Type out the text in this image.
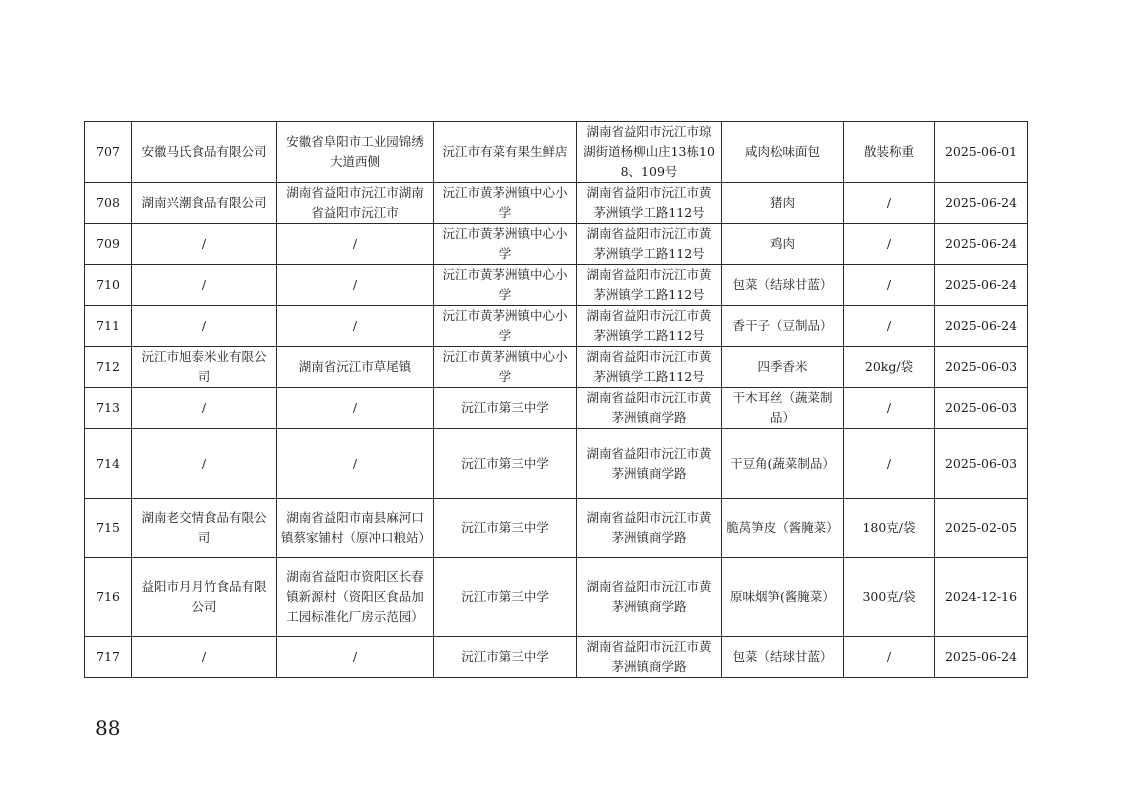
707	安徽马氏食品有限公司	安徽省阜阳市工业园锦绣大道西侧	沅江市有菜有果生鲜店	湖南省益阳市沅江市琼湖街道杨柳山庄13栋108、109号	咸肉松味面包	散装称重	2025-06-01
708	湖南兴潮食品有限公司	湖南省益阳市沅江市湖南省益阳市沅江市	沅江市黄茅洲镇中心小学	湖南省益阳市沅江市黄茅洲镇学工路112号	猪肉	/	2025-06-24
709	/	/	沅江市黄茅洲镇中心小学	湖南省益阳市沅江市黄茅洲镇学工路112号	鸡肉	/	2025-06-24
710	/	/	沅江市黄茅洲镇中心小学	湖南省益阳市沅江市黄茅洲镇学工路112号	包菜（结球甘蓝）	/	2025-06-24
711	/	/	沅江市黄茅洲镇中心小学	湖南省益阳市沅江市黄茅洲镇学工路112号	香干子（豆制品）	/	2025-06-24
712	沅江市旭泰米业有限公司	湖南省沅江市草尾镇	沅江市黄茅洲镇中心小学	湖南省益阳市沅江市黄茅洲镇学工路112号	四季香米	20kg/袋	2025-06-03
713	/	/	沅江市第三中学	湖南省益阳市沅江市黄茅洲镇商学路	干木耳丝（蔬菜制品）	/	2025-06-03
714	/	/	沅江市第三中学	湖南省益阳市沅江市黄茅洲镇商学路	干豆角(蔬菜制品）	/	2025-06-03
715	湖南老交情食品有限公司	湖南省益阳市南县麻河口镇蔡家铺村（原冲口粮站）	沅江市第三中学	湖南省益阳市沅江市黄茅洲镇商学路	脆莴笋皮（酱腌菜）	180克/袋	2025-02-05
716	益阳市月月竹食品有限公司	湖南省益阳市资阳区长春镇新源村（资阳区食品加工园标准化厂房示范园）	沅江市第三中学	湖南省益阳市沅江市黄茅洲镇商学路	原味烟笋(酱腌菜）	300克/袋	2024-12-16
717	/	/	沅江市第三中学	湖南省益阳市沅江市黄茅洲镇商学路	包菜（结球甘蓝）	/	2025-06-24
88
